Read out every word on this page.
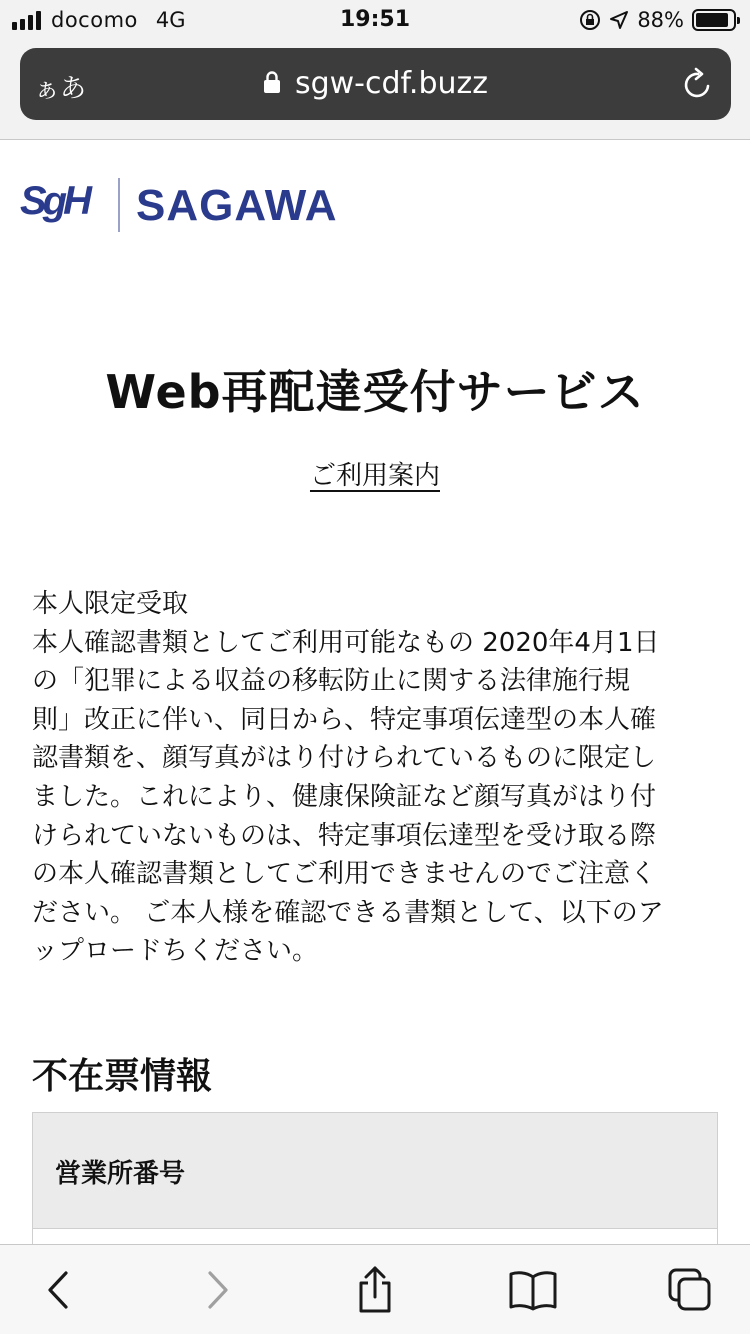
docomo 4G	19:51	88%
ぁあ	sgw-cdf.buzz
SgH SAGAWA
Web再配達受付サービス
ご利用案内
本人限定受取
本人確認書類としてご利用可能なもの 2020年4月1日
の「犯罪による収益の移転防止に関する法律施行規
則」改正に伴い、同日から、特定事項伝達型の本人確
認書類を、顔写真がはり付けられているものに限定し
ました。これにより、健康保険証など顔写真がはり付
けられていないものは、特定事項伝達型を受け取る際
の本人確認書類としてご利用できませんのでご注意く
ださい。 ご本人様を確認できる書類として、以下のア
ップロードちください。
不在票情報
営業所番号
